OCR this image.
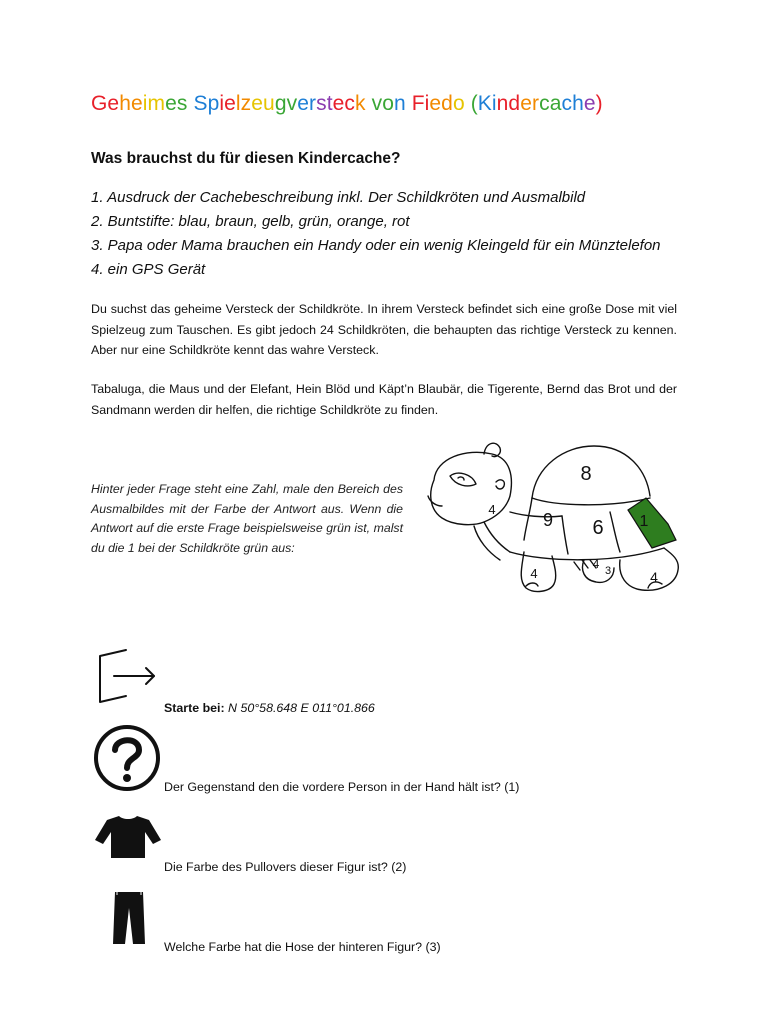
Geheimes Spielzeugversteck von Fiedo (Kindercache)
Was brauchst du für diesen Kindercache?
1. Ausdruck der Cachebeschreibung inkl. Der Schildkröten und Ausmalbild
2. Buntstifte: blau, braun, gelb, grün, orange, rot
3. Papa oder Mama brauchen ein Handy oder ein wenig Kleingeld für ein Münztelefon
4. ein GPS Gerät
Du suchst das geheime Versteck der Schildkröte. In ihrem Versteck befindet sich eine große Dose mit viel Spielzeug zum Tauschen. Es gibt jedoch 24 Schildkröten, die behaupten das richtige Versteck zu kennen. Aber nur eine Schildkröte kennt das wahre Versteck.
Tabaluga, die Maus und der Elefant, Hein Blöd und Käpt’n Blaubär, die Tigerente, Bernd das Brot und der Sandmann werden dir helfen, die richtige Schildkröte zu finden.
Hinter jeder Frage steht eine Zahl, male den Bereich des Ausmalbildes mit der Farbe der Antwort aus. Wenn die Antwort auf die erste Frage beispielsweise grün ist, malst du die 1 bei der Schildkröte grün aus:
8
4
9 6 1
4
4
4
3
Starte bei: N 50°58.648 E 011°01.866
Der Gegenstand den die vordere Person in der Hand hält ist? (1)
Die Farbe des Pullovers dieser Figur ist? (2)
Welche Farbe hat die Hose der hinteren Figur? (3)
